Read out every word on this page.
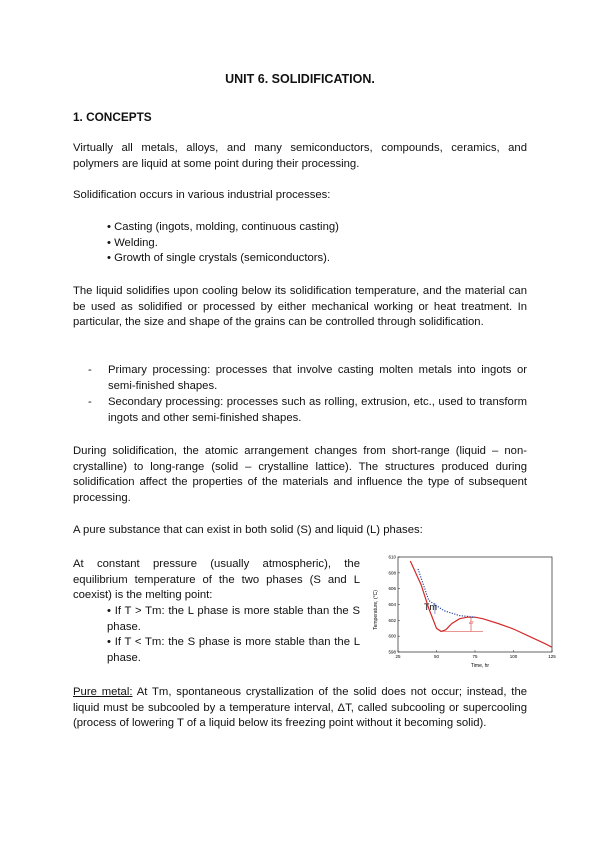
UNIT 6. SOLIDIFICATION.
1. CONCEPTS
Virtually all metals, alloys, and many semiconductors, compounds, ceramics, and polymers are liquid at some point during their processing.
Solidification occurs in various industrial processes:
• Casting (ingots, molding, continuous casting)
• Welding.
• Growth of single crystals (semiconductors).
The liquid solidifies upon cooling below its solidification temperature, and the material can be used as solidified or processed by either mechanical working or heat treatment. In particular, the size and shape of the grains can be controlled through solidification.
- Primary processing: processes that involve casting molten metals into ingots or semi-finished shapes.
- Secondary processing: processes such as rolling, extrusion, etc., used to transform ingots and other semi-finished shapes.
During solidification, the atomic arrangement changes from short-range (liquid – non-crystalline) to long-range (solid – crystalline lattice). The structures produced during solidification affect the properties of the materials and influence the type of subsequent processing.
A pure substance that can exist in both solid (S) and liquid (L) phases:
At constant pressure (usually atmospheric), the equilibrium temperature of the two phases (S and L coexist) is the melting point:
• If T > Tm: the L phase is more stable than the S phase.
• If T < Tm: the S phase is more stable than the L phase.
Temperature, (°C)
Time, hr
Tm
ΔT
25	50	75	100	125
610
608
606
604
602
600
598
Pure metal: At Tm, spontaneous crystallization of the solid does not occur; instead, the liquid must be subcooled by a temperature interval, ΔT, called subcooling or supercooling (process of lowering T of a liquid below its freezing point without it becoming solid).
